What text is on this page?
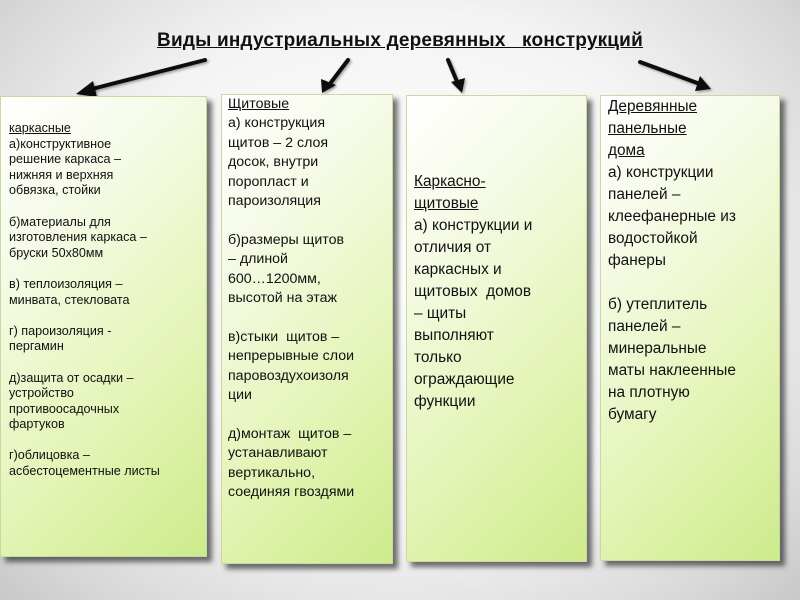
Виды индустриальных деревянных   конструкций
каркасные
а)конструктивное
решение каркаса –
нижняя и верхняя
обвязка, стойки
б)материалы для
изготовления каркаса –
бруски 50х80мм
в) теплоизоляция –
минвата, стекловата
г) пароизоляция -
пергамин
д)защита от осадки –
устройство
противоосадочных
фартуков
г)облицовка –
асбестоцементные листы
Щитовые
а) конструкция
щитов – 2 слоя
досок, внутри
поропласт и
пароизоляция
б)размеры щитов
– длиной
600…1200мм,
высотой на этаж
в)стыки  щитов –
непрерывные слои
паровоздухоизоля
ции
д)монтаж  щитов –
устанавливают
вертикально,
соединяя гвоздями
Каркасно-
щитовые
а) конструкции и
отличия от
каркасных и
щитовых  домов
– щиты
выполняют
только
ограждающие
функции
Деревянные
панельные
дома
а) конструкции
панелей –
клеефанерные из
водостойкой
фанеры
б) утеплитель
панелей –
минеральные
маты наклеенные
на плотную
бумагу
